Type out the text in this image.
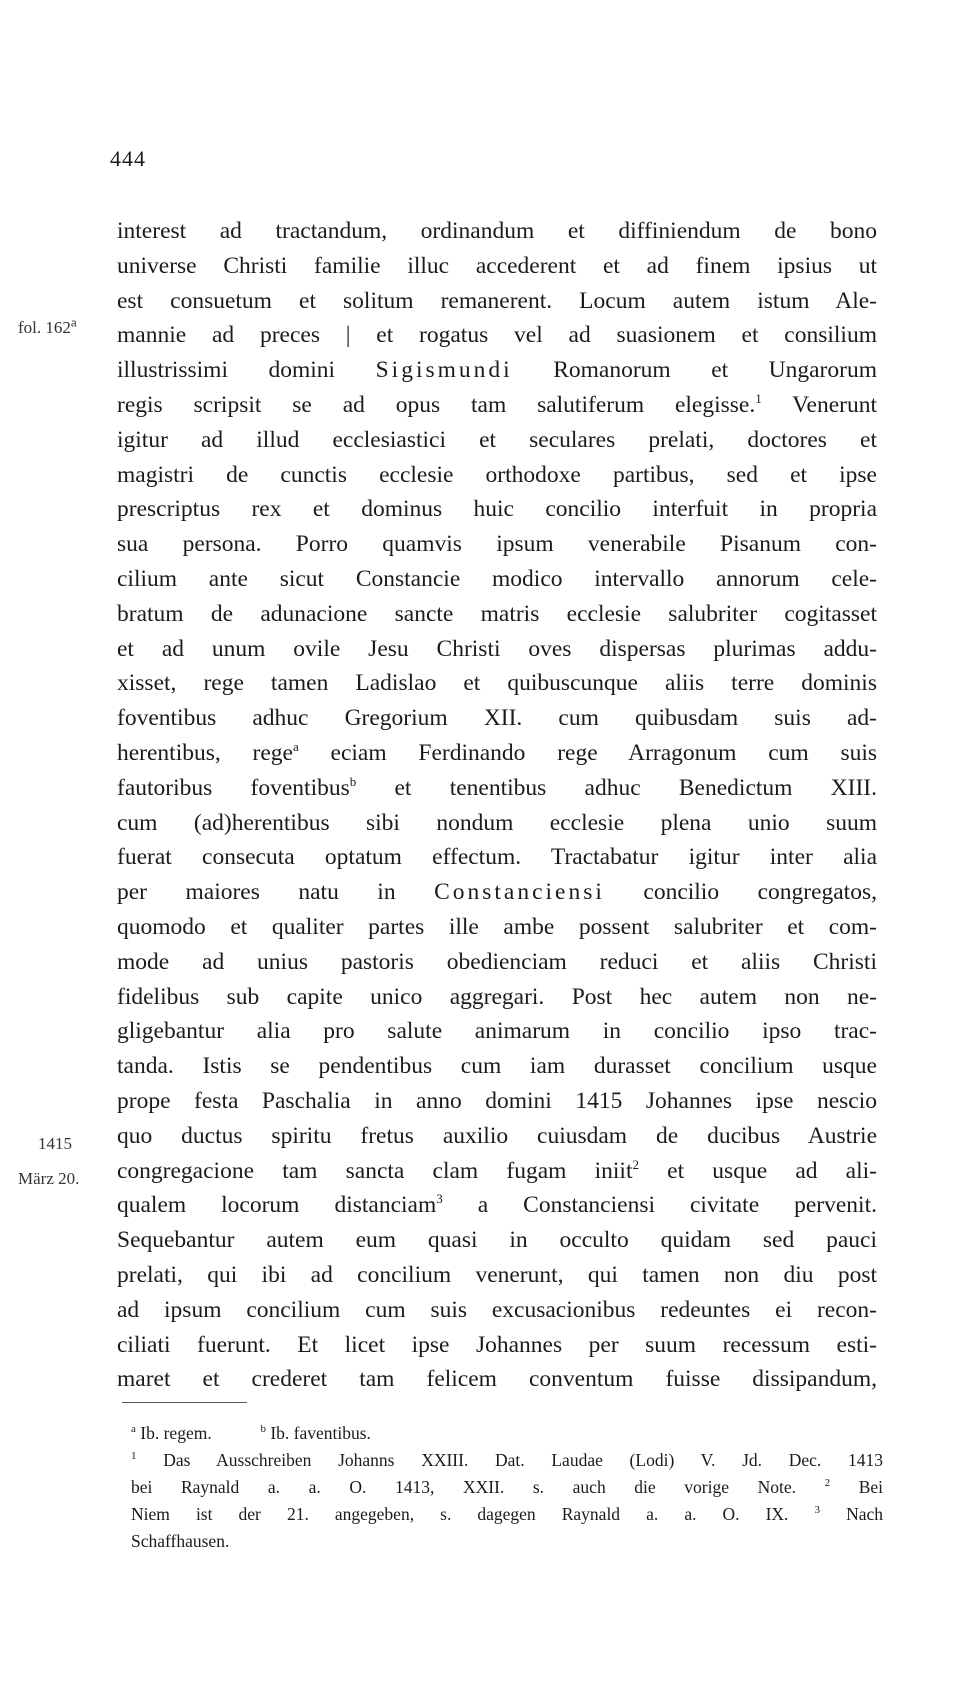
444
fol. 162$^a$
1415
März 20.
interest ad tractandum, ordinandum et diffiniendum de bono
universe Christi familie illuc accederent et ad finem ipsius ut
est consuetum et solitum remanerent. Locum autem istum Ale-
mannie ad preces | et rogatus vel ad suasionem et consilium
illustrissimi domini Sigismundi Romanorum et Ungarorum
regis scripsit se ad opus tam salutiferum elegisse.$^1$ Venerunt
igitur ad illud ecclesiastici et seculares prelati, doctores et
magistri de cunctis ecclesie orthodoxe partibus, sed et ipse
prescriptus rex et dominus huic concilio interfuit in propria
sua persona. Porro quamvis ipsum venerabile Pisanum con-
cilium ante sicut Constancie modico intervallo annorum cele-
bratum de adunacione sancte matris ecclesie salubriter cogitasset
et ad unum ovile Jesu Christi oves dispersas plurimas addu-
xisset, rege tamen Ladislao et quibuscunque aliis terre dominis
foventibus adhuc Gregorium XII. cum quibusdam suis ad-
herentibus, rege$^a$ eciam Ferdinando rege Arragonum cum suis
fautoribus foventibus$^b$ et tenentibus adhuc Benedictum XIII.
cum (ad)herentibus sibi nondum ecclesie plena unio suum
fuerat consecuta optatum effectum. Tractabatur igitur inter alia
per maiores natu in Constanciensi concilio congregatos,
quomodo et qualiter partes ille ambe possent salubriter et com-
mode ad unius pastoris obedienciam reduci et aliis Christi
fidelibus sub capite unico aggregari. Post hec autem non ne-
gligebantur alia pro salute animarum in concilio ipso trac-
tanda. Istis se pendentibus cum iam durasset concilium usque
prope festa Paschalia in anno domini 1415 Johannes ipse nescio
quo ductus spiritu fretus auxilio cuiusdam de ducibus Austrie
congregacione tam sancta clam fugam iniit$^2$ et usque ad ali-
qualem locorum distanciam$^3$ a Constanciensi civitate pervenit.
Sequebantur autem eum quasi in occulto quidam sed pauci
prelati, qui ibi ad concilium venerunt, qui tamen non diu post
ad ipsum concilium cum suis excusacionibus redeuntes ei recon-
ciliati fuerunt. Et licet ipse Johannes per suum recessum esti-
maret et crederet tam felicem conventum fuisse dissipandum,
$^a$ Ib. regem.	$^b$ Ib. faventibus.
$^1$ Das Ausschreiben Johanns XXIII. Dat. Laudae (Lodi) V. Jd. Dec. 1413
bei Raynald a. a. O. 1413, XXII. s. auch die vorige Note.	$^2$ Bei
Niem ist der 21. angegeben, s. dagegen Raynald a. a. O. IX. $^3$ Nach
Schaffhausen.
